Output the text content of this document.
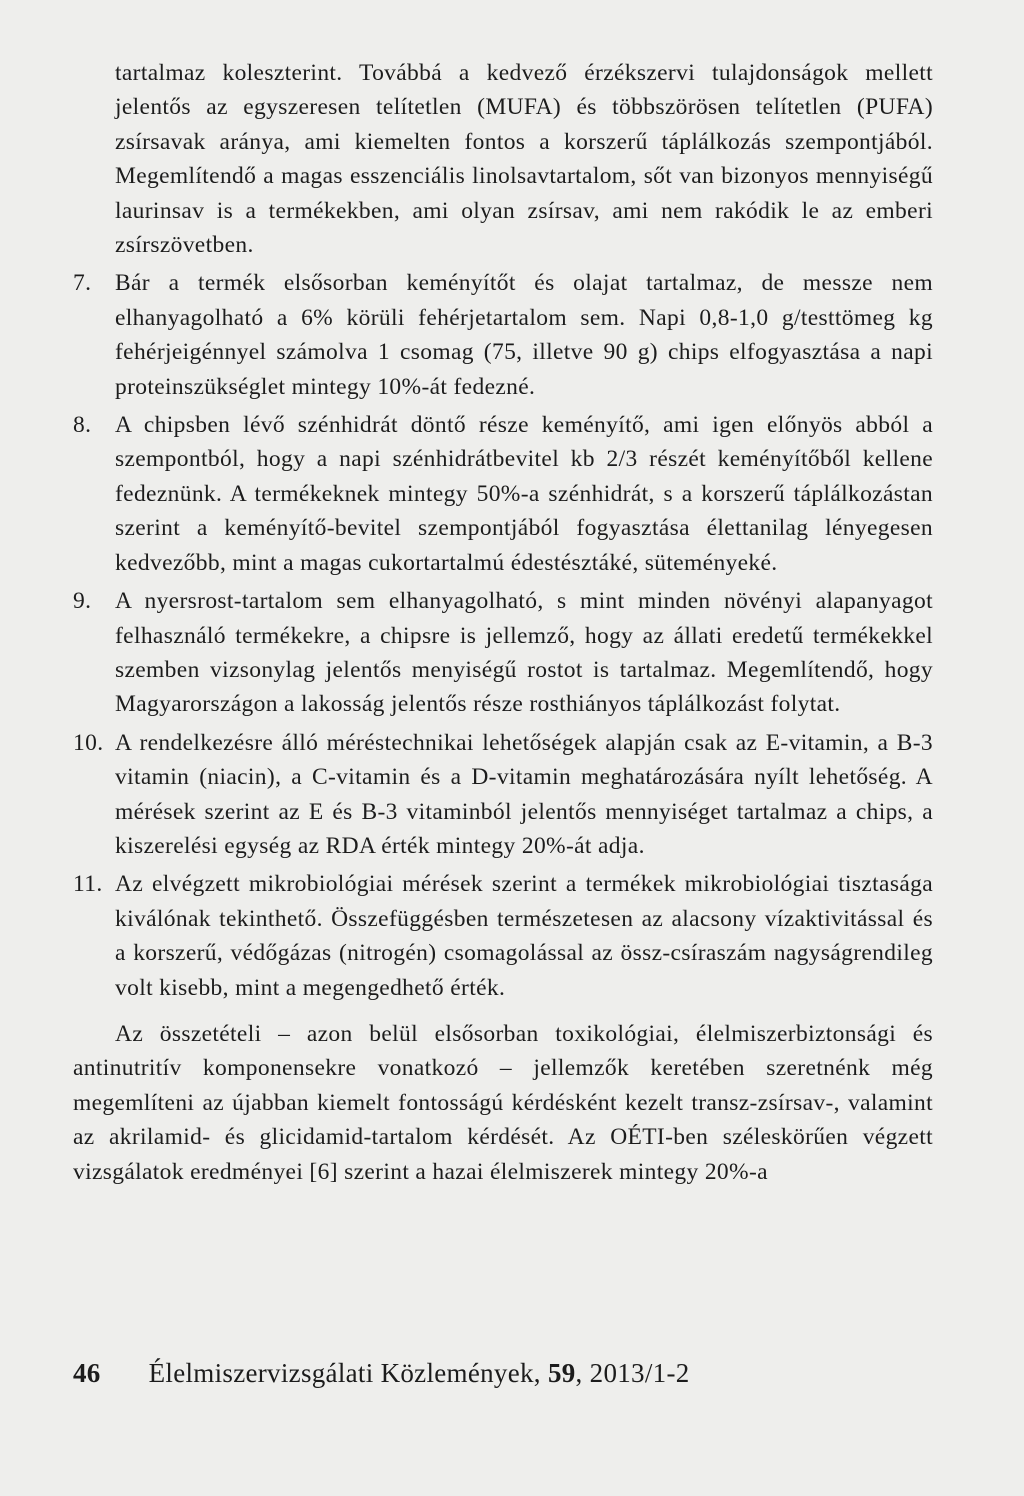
tartalmaz koleszterint. Továbbá a kedvező érzékszervi tulajdonságok mellett jelentős az egyszeresen telítetlen (MUFA) és többszörösen telítetlen (PUFA) zsírsavak aránya, ami kiemelten fontos a korszerű táplálkozás szempontjából. Megemlítendő a magas esszenciális linolsavtartalom, sőt van bizonyos mennyiségű laurinsav is a termékekben, ami olyan zsírsav, ami nem rakódik le az emberi zsírszövetben.

7.	Bár a termék elsősorban keményítőt és olajat tartalmaz, de messze nem elhanyagolható a 6% körüli fehérjetartalom sem. Napi 0,8-1,0 g/testtömeg kg fehérjeigénnyel számolva 1 csomag (75, illetve 90 g) chips elfogyasztása a napi proteinszükséglet mintegy 10%-át fedezné.
8.	A chipsben lévő szénhidrát döntő része keményítő, ami igen előnyös abból a szempontból, hogy a napi szénhidrátbevitel kb 2/3 részét keményítőből kellene fedeznünk. A termékeknek mintegy 50%-a szénhidrát, s a korszerű táplálkozástan szerint a keményítő-bevitel szempontjából fogyasztása élettanilag lényegesen kedvezőbb, mint a magas cukortartalmú édestésztáké, süteményeké.
9.	A nyersrost-tartalom sem elhanyagolható, s mint minden növényi alapanyagot felhasználó termékekre, a chipsre is jellemző, hogy az állati eredetű termékekkel szemben vizsonylag jelentős menyiségű rostot is tartalmaz. Megemlítendő, hogy Magyarországon a lakosság jelentős része rosthiányos táplálkozást folytat.
10. A rendelkezésre álló méréstechnikai lehetőségek alapján csak az E-vitamin, a B-3 vitamin (niacin), a C-vitamin és a D-vitamin meghatározására nyílt lehetőség. A mérések szerint az E és B-3 vitaminból jelentős mennyiséget tartalmaz a chips, a kiszerelési egység az RDA érték mintegy 20%-át adja.
11. Az elvégzett mikrobiológiai mérések szerint a termékek mikrobiológiai tisztasága kiválónak tekinthető. Összefüggésben természetesen az alacsony vízaktivitással és a korszerű, védőgázas (nitrogén) csomagolással az össz-csíraszám nagyságrendileg volt kisebb, mint a megengedhető érték.

Az összetételi – azon belül elsősorban toxikológiai, élelmiszerbiztonsági és antinutritív komponensekre vonatkozó – jellemzők keretében szeretnénk még megemlíteni az újabban kiemelt fontosságú kérdésként kezelt transz-zsírsav-, valamint az akrilamid- és glicidamid-tartalom kérdését. Az OÉTI-ben széleskörűen végzett vizsgálatok eredményei [6] szerint a hazai élelmiszerek mintegy 20%-a

46 Élelmiszervizsgálati Közlemények, 59, 2013/1-2
